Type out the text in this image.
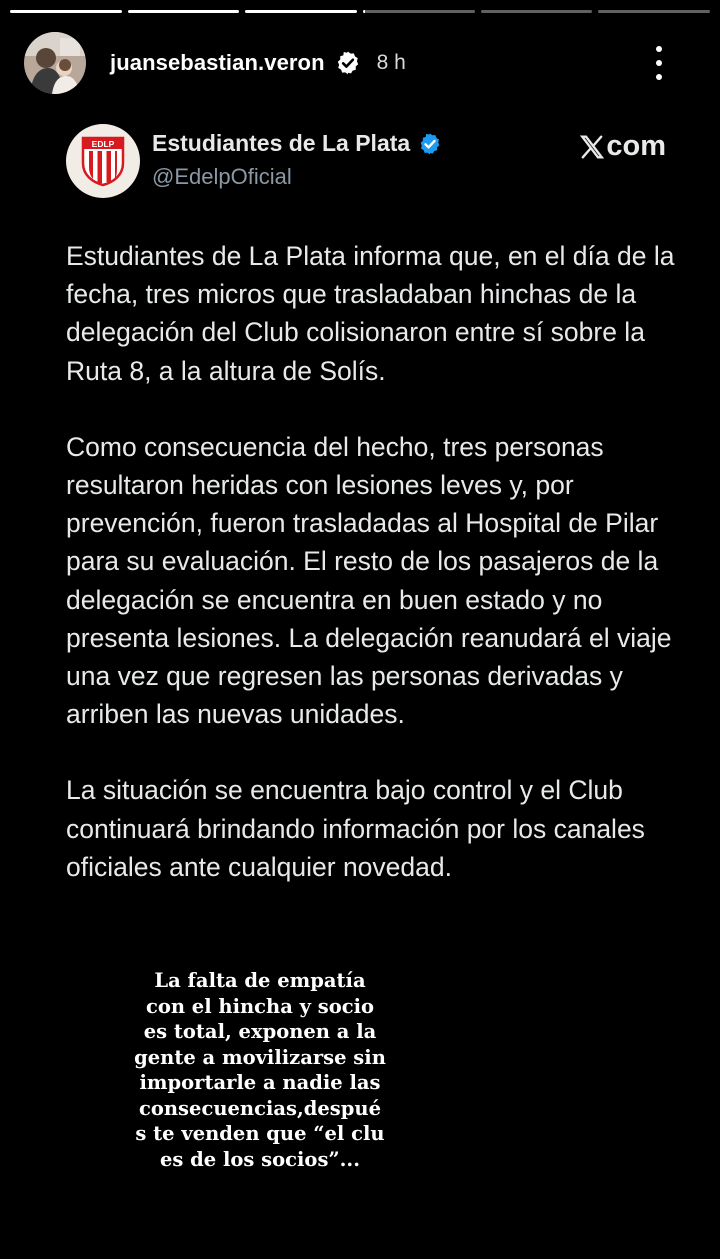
juansebastian.veron 8 h
EDLP Estudiantes de La Plata
@EdelpOficial
com

Estudiantes de La Plata informa que, en el día de la fecha, tres micros que trasladaban hinchas de la delegación del Club colisionaron entre sí sobre la Ruta 8, a la altura de Solís.

Como consecuencia del hecho, tres personas resultaron heridas con lesiones leves y, por prevención, fueron trasladadas al Hospital de Pilar para su evaluación. El resto de los pasajeros de la delegación se encuentra en buen estado y no presenta lesiones. La delegación reanudará el viaje una vez que regresen las personas derivadas y arriben las nuevas unidades.

La situación se encuentra bajo control y el Club continuará brindando información por los canales oficiales ante cualquier novedad.

La falta de empatía
con el hincha y socio
es total, exponen a la
gente a movilizarse sin
importarle a nadie las
consecuencias,despué
s te venden que “el clu
es de los socios”...
